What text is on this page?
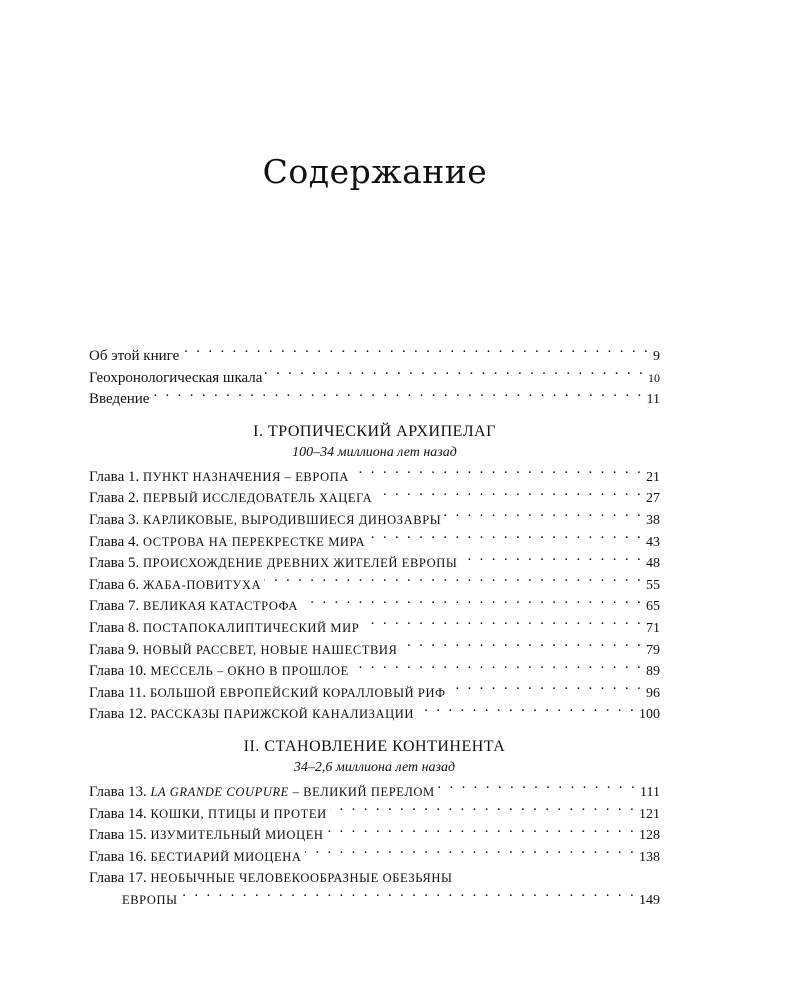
Содержание
Об этой книге . . .	9
Геохронологическая шкала . . .	10
Введение . . .	11
I. ТРОПИЧЕСКИЙ АРХИПЕЛАГ
100–34 миллиона лет назад
Глава 1. ПУНКТ НАЗНАЧЕНИЯ – ЕВРОПА . . .	21
Глава 2. ПЕРВЫЙ ИССЛЕДОВАТЕЛЬ ХАЦЕГА . . .	27
Глава 3. КАРЛИКОВЫЕ, ВЫРОДИВШИЕСЯ ДИНОЗАВРЫ . . .	38
Глава 4. ОСТРОВА НА ПЕРЕКРЕСТКЕ МИРА . . .	43
Глава 5. ПРОИСХОЖДЕНИЕ ДРЕВНИХ ЖИТЕЛЕЙ ЕВРОПЫ . . .	48
Глава 6. ЖАБА-ПОВИТУХА . . .	55
Глава 7. ВЕЛИКАЯ КАТАСТРОФА . . .	65
Глава 8. ПОСТАПОКАЛИПТИЧЕСКИЙ МИР . . .	71
Глава 9. НОВЫЙ РАССВЕТ, НОВЫЕ НАШЕСТВИЯ . . .	79
Глава 10. МЕССЕЛЬ – ОКНО В ПРОШЛОЕ . . .	89
Глава 11. БОЛЬШОЙ ЕВРОПЕЙСКИЙ КОРАЛЛОВЫЙ РИФ . . .	96
Глава 12. РАССКАЗЫ ПАРИЖСКОЙ КАНАЛИЗАЦИИ . . .	100
II. СТАНОВЛЕНИЕ КОНТИНЕНТА
34–2,6 миллиона лет назад
Глава 13. LA GRANDE COUPURE – ВЕЛИКИЙ ПЕРЕЛОМ . . .	111
Глава 14. КОШКИ, ПТИЦЫ И ПРОТЕИ . . .	121
Глава 15. ИЗУМИТЕЛЬНЫЙ МИОЦЕН . . .	128
Глава 16. БЕСТИАРИЙ МИОЦЕНА . . .	138
Глава 17. НЕОБЫЧНЫЕ ЧЕЛОВЕКООБРАЗНЫЕ ОБЕЗЬЯНЫ
ЕВРОПЫ . . .	149
